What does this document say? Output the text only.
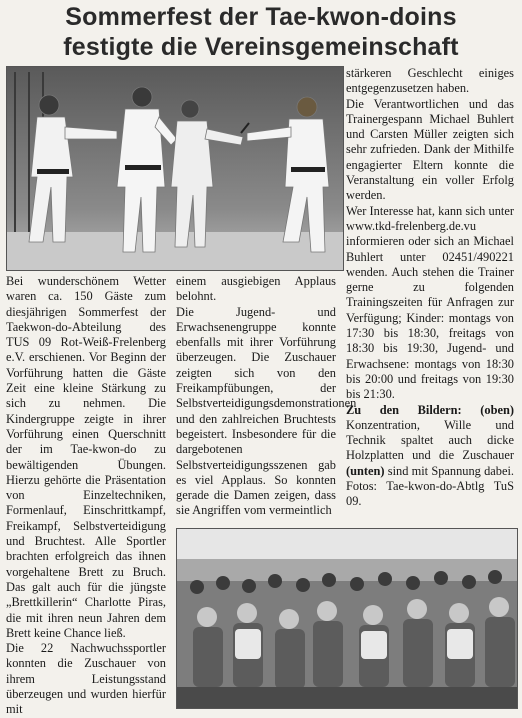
Sommerfest der Tae-kwon-doins
festigte die Vereinsgemeinschaft

Bei wunderschönem Wetter waren ca. 150 Gäste zum diesjährigen Sommerfest der Taekwon-do-Abteilung des TUS 09 Rot-Weiß-Frelenberg e.V. erschienen. Vor Beginn der Vorführung hatten die Gäste Zeit eine kleine Stärkung zu sich zu nehmen. Die Kindergruppe zeigte in ihrer Vorführung einen Querschnitt der im Tae-kwon-do zu bewältigenden Übungen. Hierzu gehörte die Präsentation von Einzeltechniken, Formenlauf, Einschrittkampf, Freikampf, Selbstverteidigung und Bruchtest. Alle Sportler brachten erfolgreich das ihnen vorgehaltene Brett zu Bruch. Das galt auch für die jüngste „Brettkillerin“ Charlotte Piras, die mit ihren neun Jahren dem Brett keine Chance ließ.

Die 22 Nachwuchssportler konnten die Zuschauer von ihrem Leistungsstand überzeugen und wurden hierfür mit

einem ausgiebigen Applaus belohnt.

Die Jugend- und Erwachsenengruppe konnte ebenfalls mit ihrer Vorführung überzeugen. Die Zuschauer zeigten sich von den Freikampfübungen, der Selbstverteidigungsdemonstrationen und den zahlreichen Bruchtests begeistert. Insbesondere für die dargebotenen Selbstverteidigungsszenen gab es viel Applaus. So konnten gerade die Damen zeigen, dass sie Angriffen vom vermeintlich

stärkeren Geschlecht einiges entgegenzusetzen haben.

Die Verantwortlichen und das Trainergespann Michael Buhlert und Carsten Müller zeigten sich sehr zufrieden. Dank der Mithilfe engagierter Eltern konnte die Veranstaltung ein voller Erfolg werden.

Wer Interesse hat, kann sich unter www.tkd-frelenberg.de.vu informieren oder sich an Michael Buhlert unter 02451/490221 wenden. Auch stehen die Trainer gerne zu folgenden Trainingszeiten für Anfragen zur Verfügung; Kinder: montags von 17:30 bis 18:30, freitags von 18:30 bis 19:30, Jugend- und Erwachsene: montags von 18:30 bis 20:00 und freitags von 19:30 bis 21:30.

Zu den Bildern: (oben) Konzentration, Wille und Technik spaltet auch dicke Holzplatten und die Zuschauer (unten) sind mit Spannung dabei. Fotos: Tae-kwon-do-Abtlg TuS 09.
